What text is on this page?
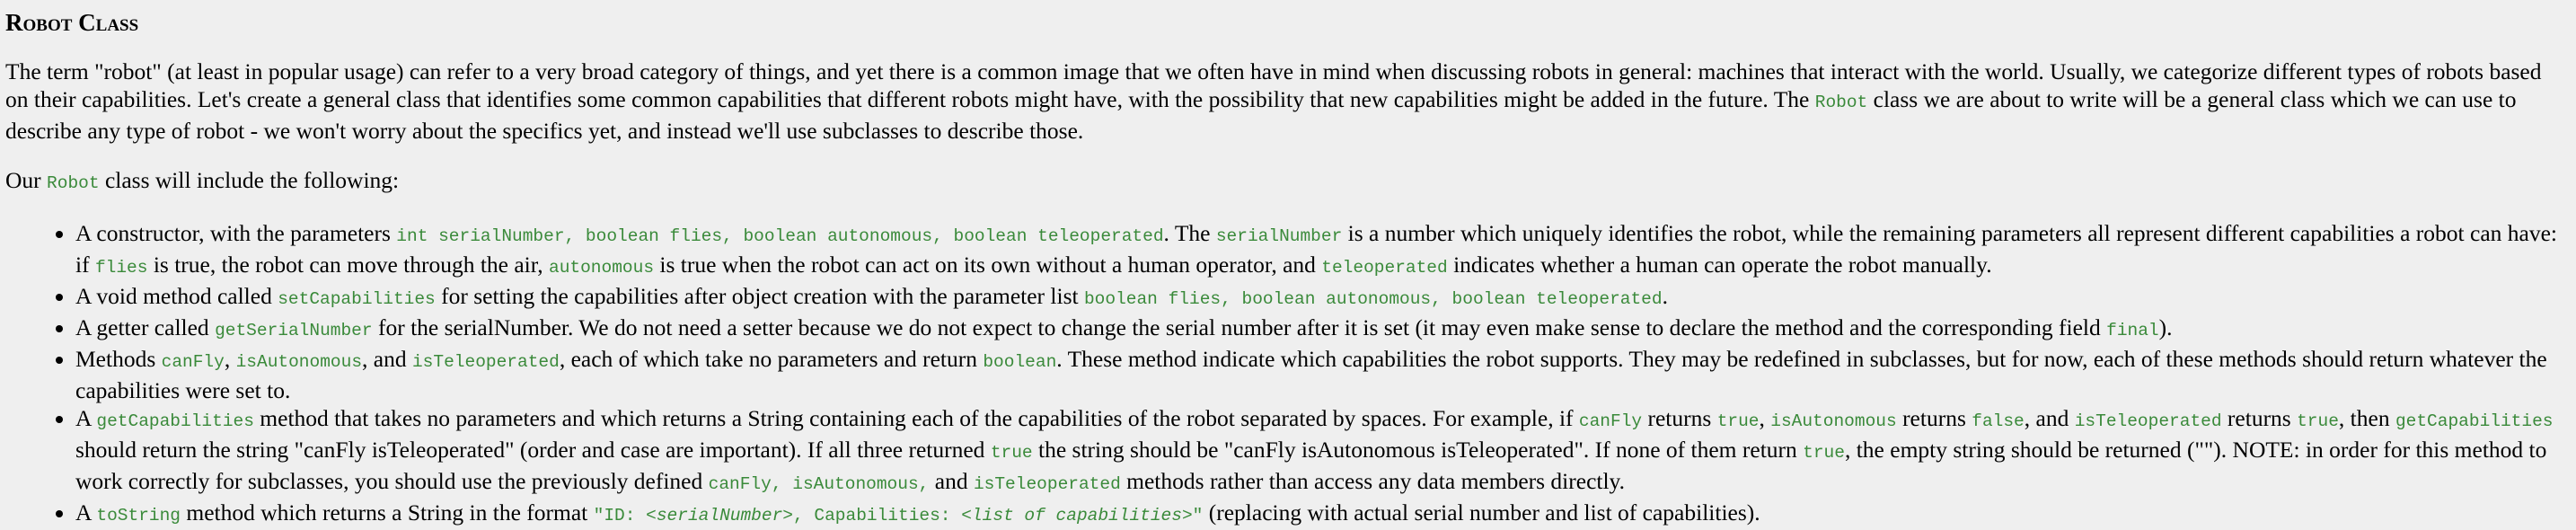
Robot Class

The term "robot" (at least in popular usage) can refer to a very broad category of things, and yet there is a common image that we often have in mind when discussing robots in general: machines that interact with the world. Usually, we categorize different types of robots based on their capabilities. Let's create a general class that identifies some common capabilities that different robots might have, with the possibility that new capabilities might be added in the future. The Robot class we are about to write will be a general class which we can use to describe any type of robot - we won't worry about the specifics yet, and instead we'll use subclasses to describe those.

Our Robot class will include the following:

• A constructor, with the parameters int serialNumber, boolean flies, boolean autonomous, boolean teleoperated. The serialNumber is a number which uniquely identifies the robot, while the remaining parameters all represent different capabilities a robot can have: if flies is true, the robot can move through the air, autonomous is true when the robot can act on its own without a human operator, and teleoperated indicates whether a human can operate the robot manually.
• A void method called setCapabilities for setting the capabilities after object creation with the parameter list boolean flies, boolean autonomous, boolean teleoperated.
• A getter called getSerialNumber for the serialNumber. We do not need a setter because we do not expect to change the serial number after it is set (it may even make sense to declare the method and the corresponding field final).
• Methods canFly, isAutonomous, and isTeleoperated, each of which take no parameters and return boolean. These method indicate which capabilities the robot supports. They may be redefined in subclasses, but for now, each of these methods should return whatever the capabilities were set to.
• A getCapabilities method that takes no parameters and which returns a String containing each of the capabilities of the robot separated by spaces. For example, if canFly returns true, isAutonomous returns false, and isTeleoperated returns true, then getCapabilities should return the string "canFly isTeleoperated" (order and case are important). If all three returned true the string should be "canFly isAutonomous isTeleoperated". If none of them return true, the empty string should be returned (""). NOTE: in order for this method to work correctly for subclasses, you should use the previously defined canFly, isAutonomous, and isTeleoperated methods rather than access any data members directly.
• A toString method which returns a String in the format "ID: <serialNumber>, Capabilities: <list of capabilities>" (replacing with actual serial number and list of capabilities).
